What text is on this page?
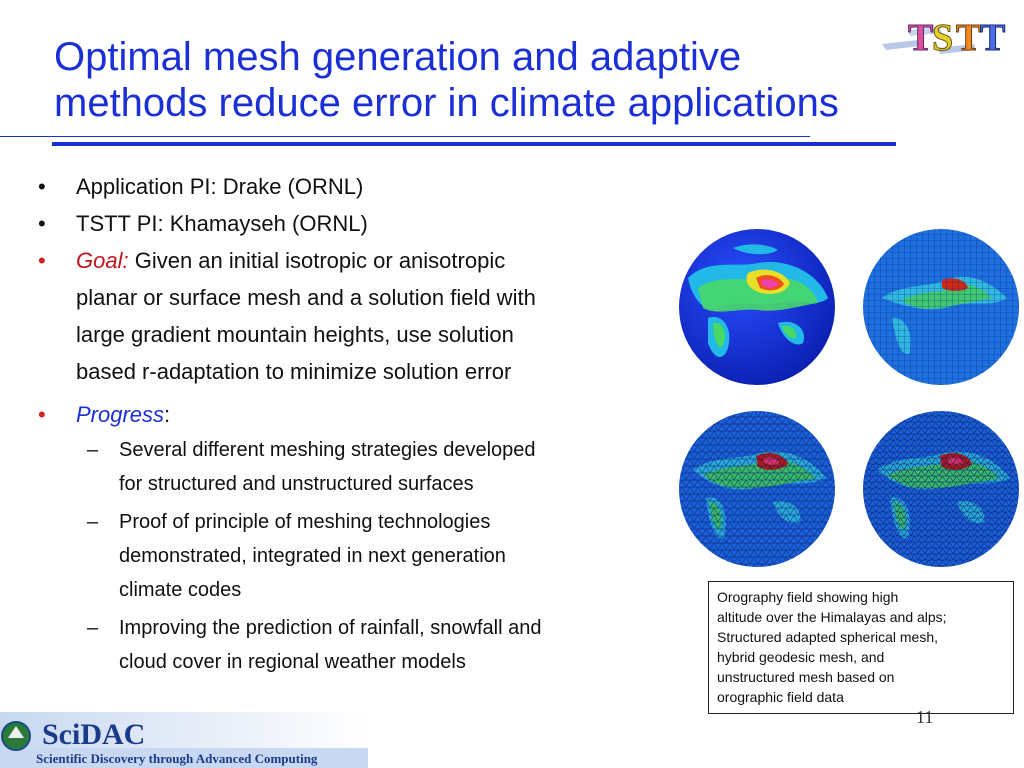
Optimal mesh generation and adaptive
methods reduce error in climate applications
T
S T
T
• Application PI: Drake (ORNL)
• TSTT PI: Khamayseh (ORNL)
• Goal: Given an initial isotropic or anisotropic
planar or surface mesh and a solution field with
large gradient mountain heights, use solution
based r-adaptation to minimize solution error
• Progress:
– Several different meshing strategies developed
for structured and unstructured surfaces
– Proof of principle of meshing technologies
demonstrated, integrated in next generation
climate codes
– Improving the prediction of rainfall, snowfall and
cloud cover in regional weather models
Orography field showing high
altitude over the Himalayas and alps;
Structured adapted spherical mesh,
hybrid geodesic mesh, and
unstructured mesh based on
orographic field data
11
SciDAC
Scientific Discovery through Advanced Computing
